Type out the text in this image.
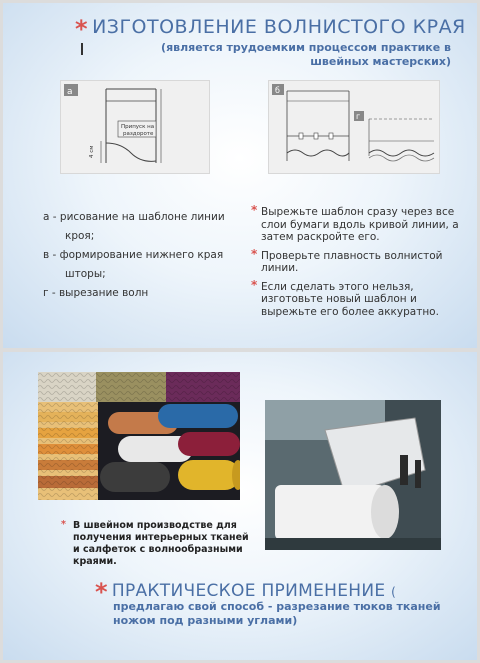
* ИЗГОТОВЛЕНИЕ ВОЛНИСТОГО КРАЯ
(является трудоемким процессом практике в швейных мастерских)
а
Припуск на
раздороте
4 см
б
г
а - рисование на шаблоне линии
кроя;
в - формирование нижнего края
шторы;
г - вырезание волн
* Вырежьте шаблон сразу через все слои бумаги вдоль кривой линии, а затем раскройте его.
* Проверьте плавность волнистой линии.
* Если сделать этого нельзя, изготовьте новый шаблон и вырежьте его более аккуратно.
* В швейном производстве для получения интерьерных тканей и салфеток с волнообразными краями.
* ПРАКТИЧЕСКОЕ ПРИМЕНЕНИЕ (
предлагаю свой способ - разрезание тюков тканей ножом под разными углами)
